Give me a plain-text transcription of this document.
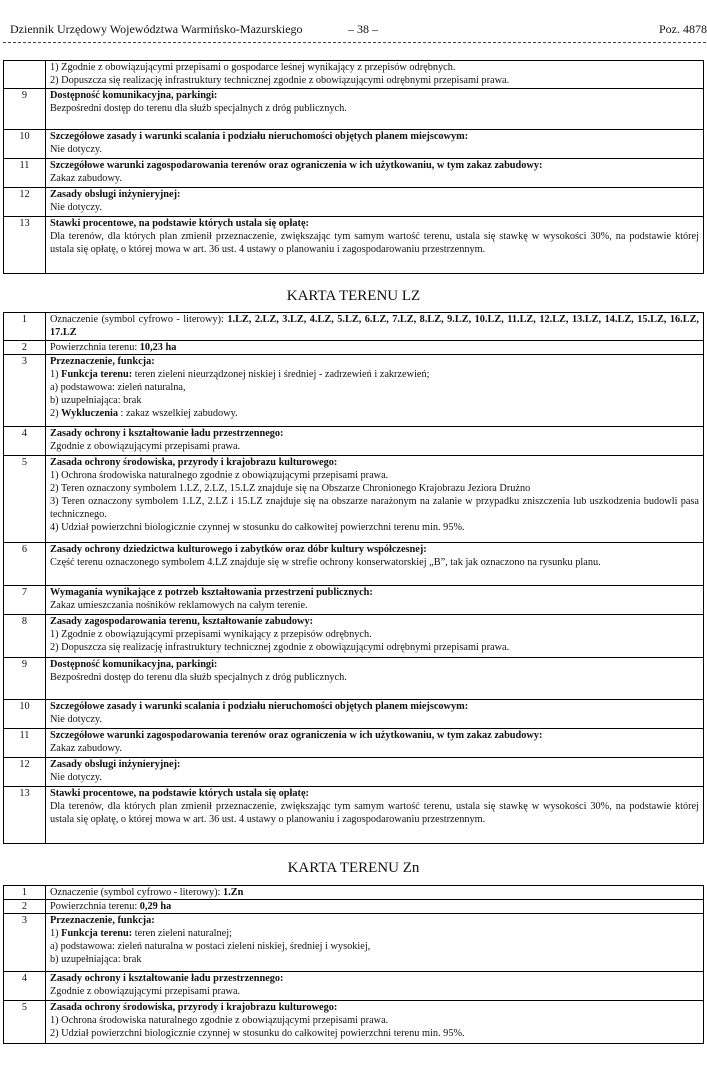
Dziennik Urzędowy Województwa Warmińsko-Mazurskiego	– 38 –	Poz. 4878

	1) Zgodnie z obowiązującymi przepisami o gospodarce leśnej wynikający z przepisów odrębnych.
2) Dopuszcza się realizację infrastruktury technicznej zgodnie z obowiązującymi odrębnymi przepisami prawa.

9	Dostępność komunikacyjna, parkingi:
Bezpośredni dostęp do terenu dla służb specjalnych z dróg publicznych.

10	Szczegółowe zasady i warunki scalania i podziału nieruchomości objętych planem miejscowym:
Nie dotyczy.

11	Szczegółowe warunki zagospodarowania terenów oraz ograniczenia w ich użytkowaniu, w tym zakaz zabudowy:
Zakaz zabudowy.

12	Zasady obsługi inżynieryjnej:
Nie dotyczy.

13	Stawki procentowe, na podstawie których ustala się opłatę:
Dla terenów, dla których plan zmienił przeznaczenie, zwiększając tym samym wartość terenu, ustala się stawkę w wysokości 30%, na podstawie której ustala się opłatę, o której mowa w art. 36 ust. 4 ustawy o planowaniu i zagospodarowaniu przestrzennym.
KARTA TERENU LZ
1	Oznaczenie (symbol cyfrowo - literowy): 1.LZ, 2.LZ, 3.LZ, 4.LZ, 5.LZ, 6.LZ, 7.LZ, 8.LZ, 9.LZ, 10.LZ, 11.LZ, 12.LZ, 13.LZ, 14.LZ, 15.LZ, 16.LZ, 17.LZ
2	Powierzchnia terenu: 10,23 ha
3	Przeznaczenie, funkcja:
1) Funkcja terenu: teren zieleni nieurządzonej niskiej i średniej - zadrzewień i zakrzewień;
a) podstawowa: zieleń naturalna,
b) uzupełniająca: brak
2) Wykluczenia : zakaz wszelkiej zabudowy.

4	Zasady ochrony i kształtowanie ładu przestrzennego:
Zgodnie z obowiązującymi przepisami prawa.

5	Zasada ochrony środowiska, przyrody i krajobrazu kulturowego:
1) Ochrona środowiska naturalnego zgodnie z obowiązującymi przepisami prawa.
2) Teren oznaczony symbolem 1.LZ, 2.LZ, 15.LZ znajduje się na Obszarze Chronionego Krajobrazu Jeziora Drużno
3) Teren oznaczony symbolem 1.LZ, 2.LZ i 15.LZ znajduje się na obszarze narażonym na zalanie w przypadku zniszczenia lub uszkodzenia budowli pasa technicznego.
4) Udział powierzchni biologicznie czynnej w stosunku do całkowitej powierzchni terenu min. 95%.

6	Zasady ochrony dziedzictwa kulturowego i zabytków oraz dóbr kultury współczesnej:
Część terenu oznaczonego symbolem 4.LZ znajduje się w strefie ochrony konserwatorskiej „B”, tak jak oznaczono na rysunku planu.

7	Wymagania wynikające z potrzeb kształtowania przestrzeni publicznych:
Zakaz umieszczania nośników reklamowych na całym terenie.

8	Zasady zagospodarowania terenu, kształtowanie zabudowy:
1) Zgodnie z obowiązującymi przepisami wynikający z przepisów odrębnych.
2) Dopuszcza się realizację infrastruktury technicznej zgodnie z obowiązującymi odrębnymi przepisami prawa.

9	Dostępność komunikacyjna, parkingi:
Bezpośredni dostęp do terenu dla służb specjalnych z dróg publicznych.

10	Szczegółowe zasady i warunki scalania i podziału nieruchomości objętych planem miejscowym:
Nie dotyczy.

11	Szczegółowe warunki zagospodarowania terenów oraz ograniczenia w ich użytkowaniu, w tym zakaz zabudowy:
Zakaz zabudowy.

12	Zasady obsługi inżynieryjnej:
Nie dotyczy.

13	Stawki procentowe, na podstawie których ustala się opłatę:
Dla terenów, dla których plan zmienił przeznaczenie, zwiększając tym samym wartość terenu, ustala się stawkę w wysokości 30%, na podstawie której ustala się opłatę, o której mowa w art. 36 ust. 4 ustawy o planowaniu i zagospodarowaniu przestrzennym.
KARTA TERENU Zn
1	Oznaczenie (symbol cyfrowo - literowy): 1.Zn
2	Powierzchnia terenu: 0,29 ha
3	Przeznaczenie, funkcja:
1) Funkcja terenu: teren zieleni naturalnej;
a) podstawowa: zieleń naturalna w postaci zieleni niskiej, średniej i wysokiej,
b) uzupełniająca: brak

4	Zasady ochrony i kształtowanie ładu przestrzennego:
Zgodnie z obowiązującymi przepisami prawa.

5	Zasada ochrony środowiska, przyrody i krajobrazu kulturowego:
1) Ochrona środowiska naturalnego zgodnie z obowiązującymi przepisami prawa.
2) Udział powierzchni biologicznie czynnej w stosunku do całkowitej powierzchni terenu min. 95%.
